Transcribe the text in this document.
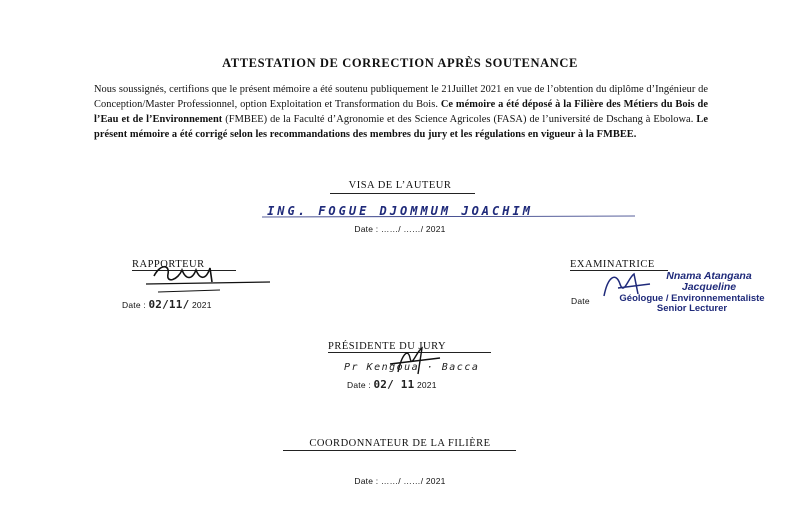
ATTESTATION DE CORRECTION APRÈS SOUTENANCE
Nous soussignés, certifions que le présent mémoire a été soutenu publiquement le 21Juillet 2021 en vue de l’obtention du diplôme d’Ingénieur de Conception/Master Professionnel, option Exploitation et Transformation du Bois. Ce mémoire a été déposé à la Filière des Métiers du Bois de l’Eau et de l’Environnement (FMBEE) de la Faculté d’Agronomie et des Science Agricoles (FASA) de l’université de Dschang à Ebolowa. Le présent mémoire a été corrigé selon les recommandations des membres du jury et les régulations en vigueur à la FMBEE.
VISA DE L’AUTEUR
ING. FOGUE DJOMMUM JOACHIM
Date : ……/ ……/ 2021
RAPPORTEUR
Date : 02/11/ 2021
EXAMINATRICE
Date
Nnama Atangana
Jacqueline
Géologue / Environnementaliste
Senior Lecturer
PRÉSIDENTE DU JURY
Pr Kengoua · Bacca
Date : 02/ 11 2021
COORDONNATEUR DE LA FILIÈRE
Date : ……/ ……/ 2021
